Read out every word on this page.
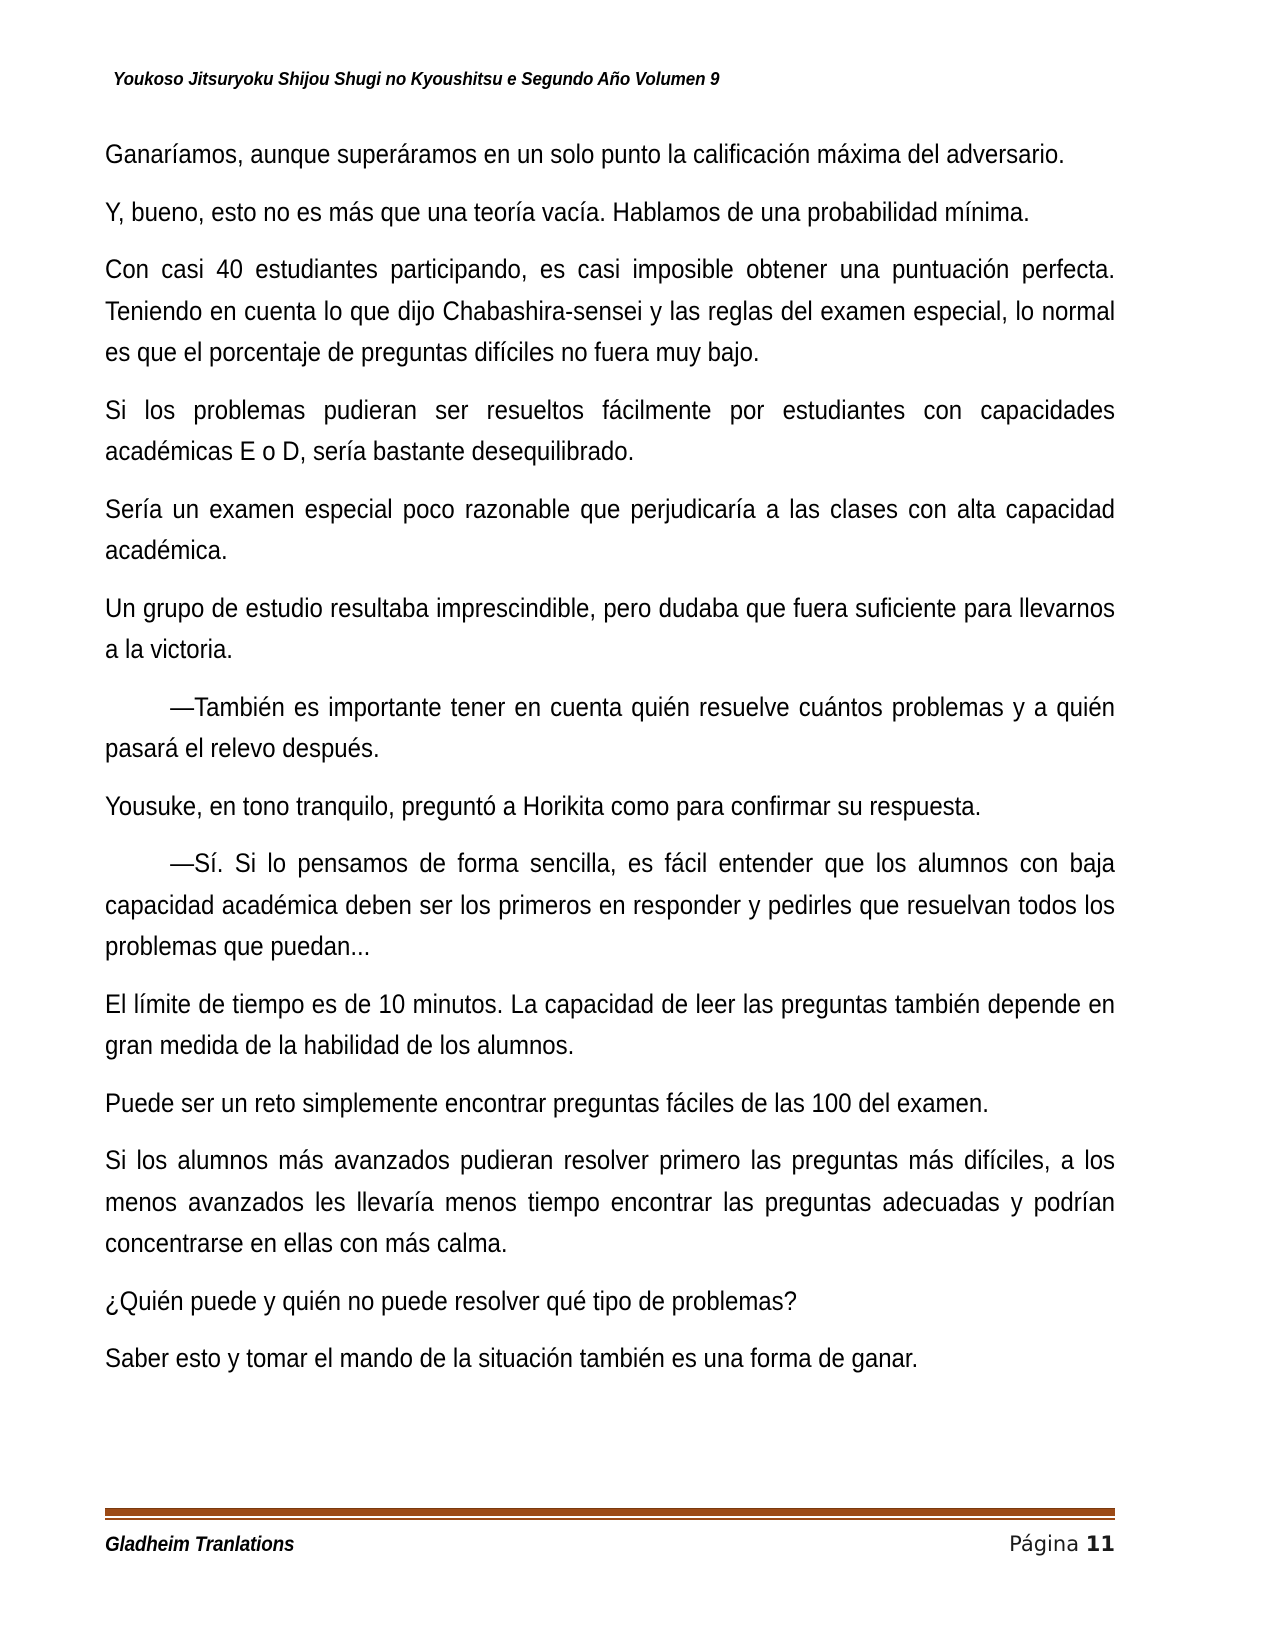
Youkoso Jitsuryoku Shijou Shugi no Kyoushitsu e Segundo Año Volumen 9

Ganaríamos, aunque superáramos en un solo punto la calificación máxima del adversario.

Y, bueno, esto no es más que una teoría vacía. Hablamos de una probabilidad mínima.

Con casi 40 estudiantes participando, es casi imposible obtener una puntuación perfecta. Teniendo en cuenta lo que dijo Chabashira-sensei y las reglas del examen especial, lo normal es que el porcentaje de preguntas difíciles no fuera muy bajo.

Si los problemas pudieran ser resueltos fácilmente por estudiantes con capacidades académicas E o D, sería bastante desequilibrado.

Sería un examen especial poco razonable que perjudicaría a las clases con alta capacidad académica.

Un grupo de estudio resultaba imprescindible, pero dudaba que fuera suficiente para llevarnos a la victoria.

—También es importante tener en cuenta quién resuelve cuántos problemas y a quién pasará el relevo después.

Yousuke, en tono tranquilo, preguntó a Horikita como para confirmar su respuesta.

—Sí. Si lo pensamos de forma sencilla, es fácil entender que los alumnos con baja capacidad académica deben ser los primeros en responder y pedirles que resuelvan todos los problemas que puedan...

El límite de tiempo es de 10 minutos. La capacidad de leer las preguntas también depende en gran medida de la habilidad de los alumnos.

Puede ser un reto simplemente encontrar preguntas fáciles de las 100 del examen.

Si los alumnos más avanzados pudieran resolver primero las preguntas más difíciles, a los menos avanzados les llevaría menos tiempo encontrar las preguntas adecuadas y podrían concentrarse en ellas con más calma.

¿Quién puede y quién no puede resolver qué tipo de problemas?

Saber esto y tomar el mando de la situación también es una forma de ganar.

Gladheim Tranlations	Página 11
